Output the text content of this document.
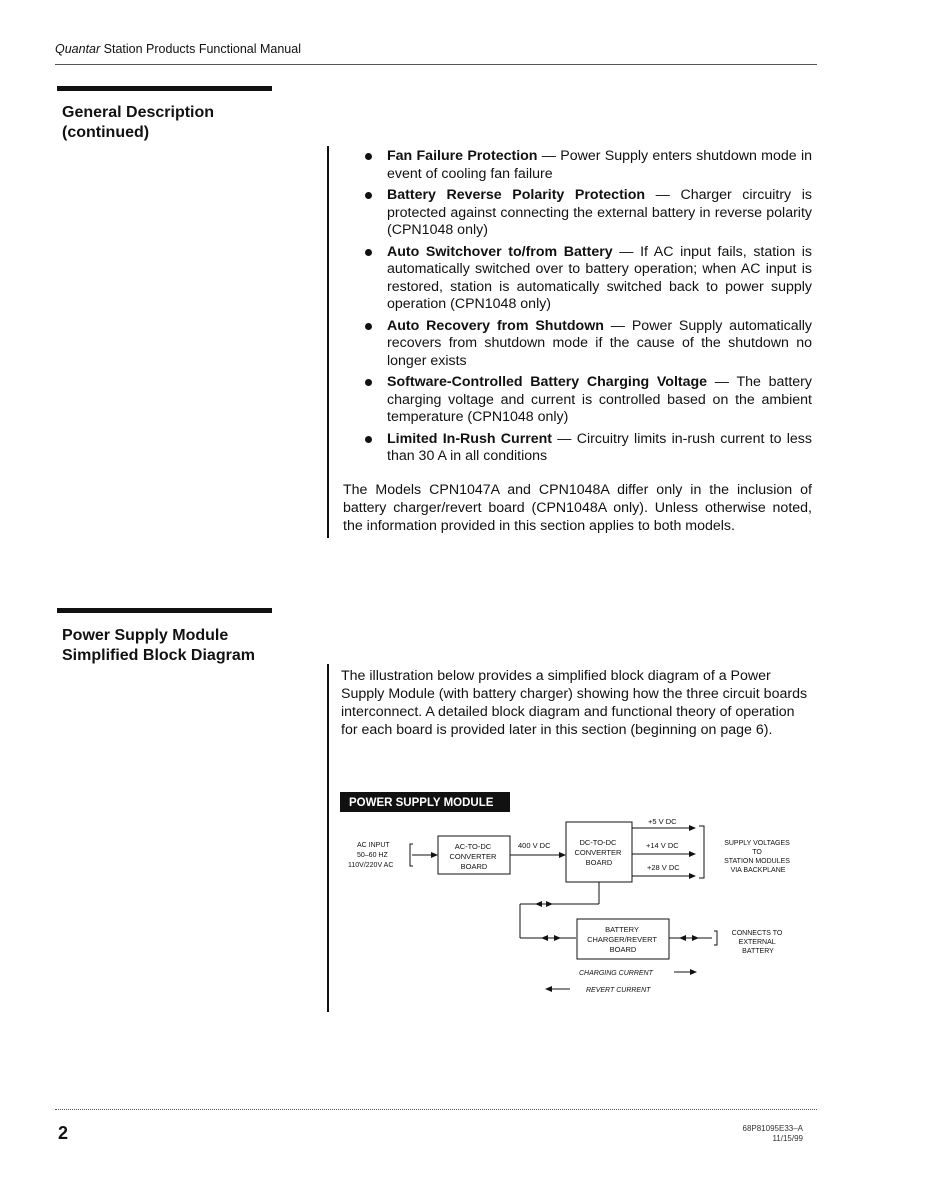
Quantar Station Products Functional Manual
General Description
(continued)
Fan Failure Protection — Power Supply enters shutdown mode in event of cooling fan failure
Battery Reverse Polarity Protection — Charger circuitry is protected against connecting the external battery in reverse polarity (CPN1048 only)
Auto Switchover to/from Battery — If AC input fails, station is automatically switched over to battery operation; when AC input is restored, station is automatically switched back to power supply operation (CPN1048 only)
Auto Recovery from Shutdown — Power Supply automatically recovers from shutdown mode if the cause of the shutdown no longer exists
Software-Controlled Battery Charging Voltage — The battery charging voltage and current is controlled based on the ambient temperature (CPN1048 only)
Limited In-Rush Current — Circuitry limits in-rush current to less than 30 A in all conditions
The Models CPN1047A and CPN1048A differ only in the inclusion of battery charger/revert board (CPN1048A only). Unless otherwise noted, the information provided in this section applies to both models.
Power Supply Module
Simplified Block Diagram
The illustration below provides a simplified block diagram of a Power Supply Module (with battery charger) showing how the three circuit boards interconnect. A detailed block diagram and functional theory of operation for each board is provided later in this section (beginning on page 6).
POWER SUPPLY MODULE
AC INPUT 50–60 HZ 110V/220V AC
AC-TO-DC CONVERTER BOARD
400 V DC	DC-TO-DC CONVERTER BOARD
+5 V DC
+14 V DC
+28 V DC
SUPPLY VOLTAGES TO STATION MODULES VIA BACKPLANE
BATTERY CHARGER/REVERT BOARD
CONNECTS TO EXTERNAL BATTERY
CHARGING CURRENT
REVERT CURRENT
2	68P81095E33–A
11/15/99
